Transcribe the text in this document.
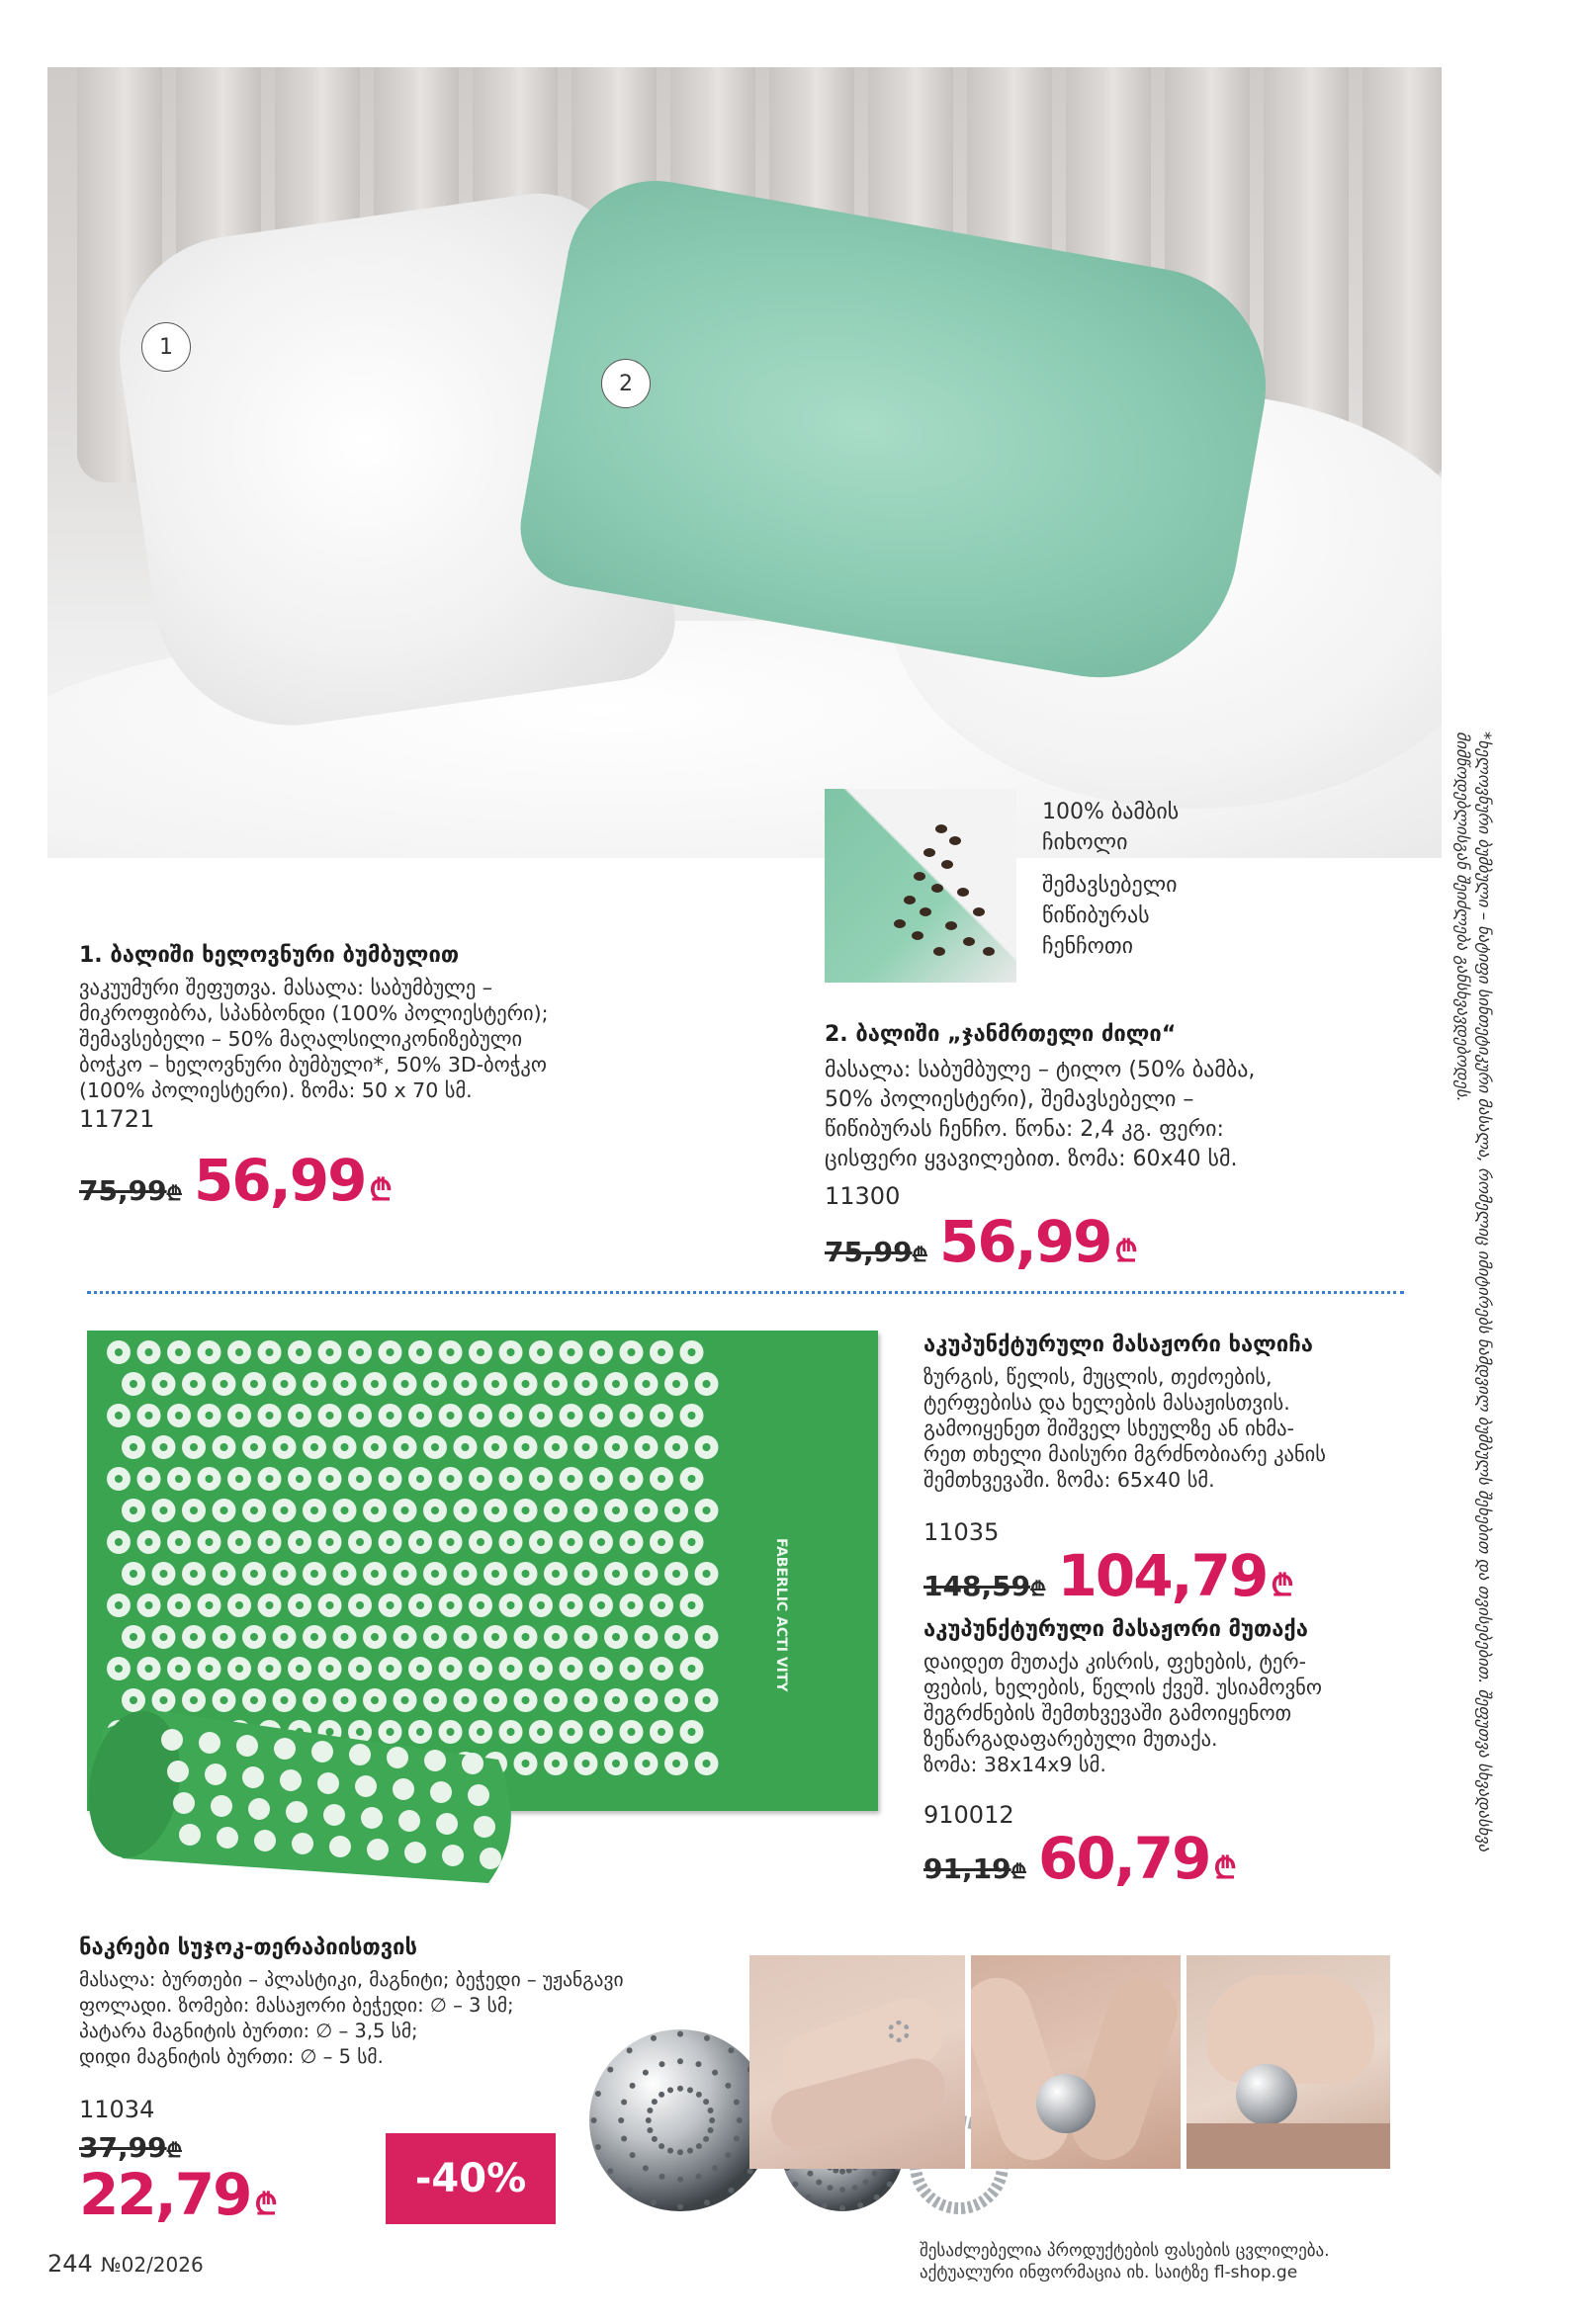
1
2
100% ბამბის
ჩიხოლი
შემავსებელი
წიწიბურას
ჩენჩოთი
1. ბალიში ხელოვნური ბუმბულით
ვაკუუმური შეფუთვა. მასალა: საბუმბულე –
მიკროფიბრა, სპანბონდი (100% პოლიესტერი);
შემავსებელი – 50% მაღალსილიკონიზებული
ბოჭკო – ხელოვნური ბუმბული*, 50% 3D-ბოჭკო
(100% პოლიესტერი). ზომა: 50 x 70 სმ.
11721
75,99 ₾ 56,99 ₾
2. ბალიში „ჯანმრთელი ძილი“
მასალა: საბუმბულე – ტილო (50% ბამბა,
50% პოლიესტერი), შემავსებელი –
წიწიბურას ჩენჩო. წონა: 2,4 კგ. ფერი:
ცისფერი ყვავილებით. ზომა: 60x40 სმ.
11300
75,99 ₾ 56,99 ₾
FABERLIC ACTI VITY
აკუპუნქტურული მასაჟორი ხალიჩა
ზურგის, წელის, მუცლის, თეძოების,
ტერფებისა და ხელების მასაჟისთვის.
გამოიყენეთ შიშველ სხეულზე ან იხმა-
რეთ თხელი მაისური მგრძნობიარე კანის
შემთხვევაში. ზომა: 65x40 სმ.
11035
148,59 ₾ 104,79 ₾
აკუპუნქტურული მასაჟორი მუთაქა
დაიდეთ მუთაქა კისრის, ფეხების, ტერ-
ფების, ხელების, წელის ქვეშ. უსიამოვნო
შეგრძნების შემთხვევაში გამოიყენოთ
ზეწარგადაფარებული მუთაქა.
ზომა: 38x14x9 სმ.
910012
91,19 ₾ 60,79 ₾
ნაკრები სუჯოკ-თერაპიისთვის
მასალა: ბურთები – პლასტიკი, მაგნიტი; ბეჭედი – უჟანგავი
ფოლადი. ზომები: მასაჟორი ბეჭედი: ∅ – 3 სმ;
პატარა მაგნიტის ბურთი: ∅ – 3,5 სმ;
დიდი მაგნიტის ბურთი: ∅ – 5 სმ.
11034
37,99 ₾
22,79 ₾
-40%
244 №02/2026
შესაძლებელია პროდუქტების ფასების ცვლილება.
აქტუალური ინფორმაცია იხ. საიტზე fl-shop.ge
*ხელოვნური ბუმბული – ნატიფი სინთეტიკური მასალა, რომელიც იმიტირებს ნამდვილ ბუმბულს შეხებით და თვისებებით. შეფუთვა სხვადასხვა
მიმწოდებლისგან შეიძლება განსხვავდებოდეს.
